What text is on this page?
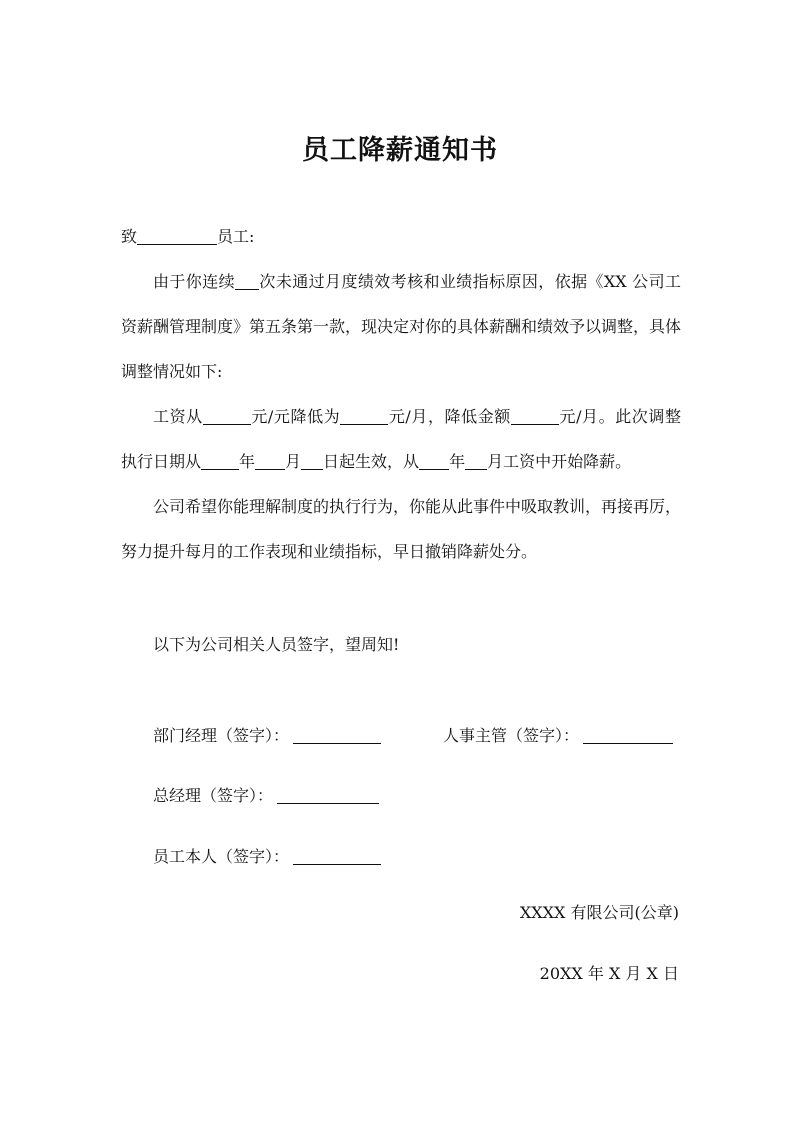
员工降薪通知书

致	员工:

由于你连续 次未通过月度绩效考核和业绩指标原因，依据《XX 公司工资薪酬管理制度》第五条第一款，现决定对你的具体薪酬和绩效予以调整，具体调整情况如下:

工资从	元/元降低为	元/月，降低金额	元/月。此次调整执行日期从 年 月 日起生效，从 年 月工资中开始降薪。

公司希望你能理解制度的执行行为，你能从此事件中吸取教训，再接再厉，努力提升每月的工作表现和业绩指标，早日撤销降薪处分。

以下为公司相关人员签字，望周知!
部门经理（签字）：	人事主管（签字）：
总经理（签字）：
员工本人（签字）：
XXXX 有限公司(公章)
20XX 年 X 月 X 日
